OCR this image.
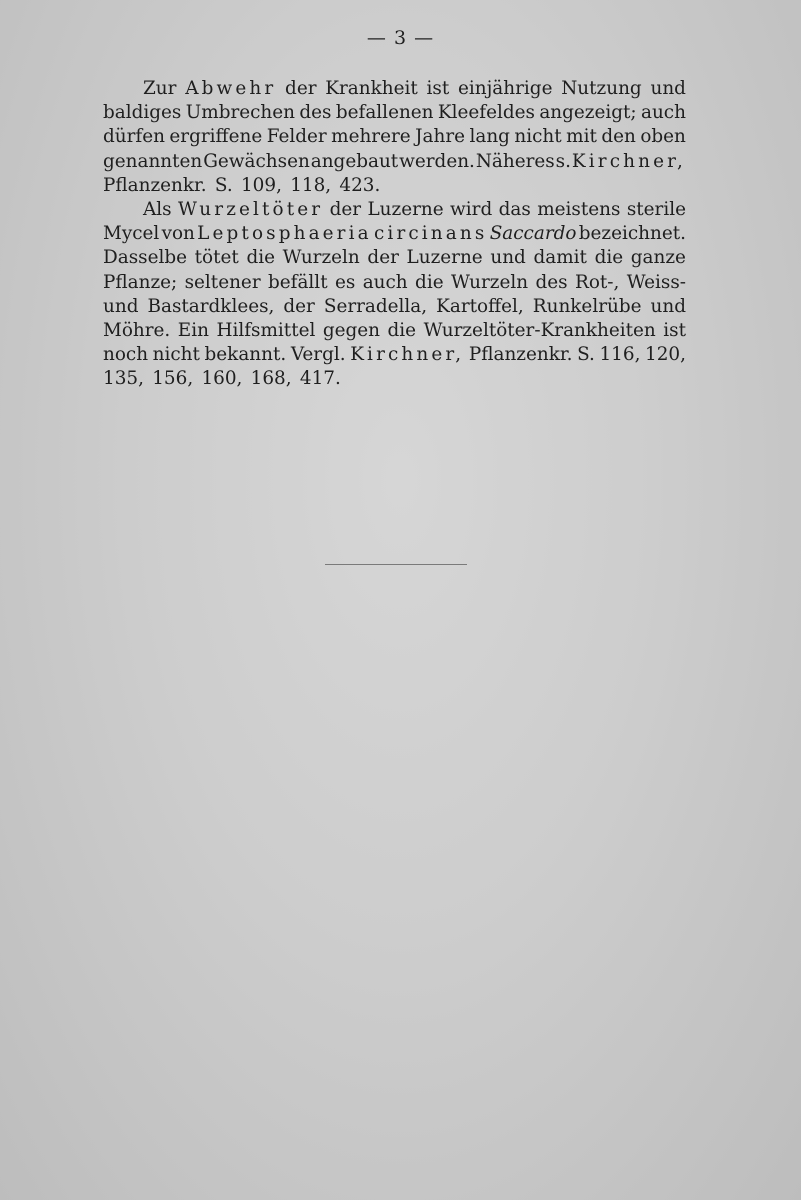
— 3 —
Zur Abwehr der Krankheit ist einjährige Nutzung und
baldiges Umbrechen des befallenen Kleefeldes angezeigt; auch
dürfen ergriffene Felder mehrere Jahre lang nicht mit den oben
genannten Gewächsen angebaut werden. Näheres s. Kirchner,
Pflanzenkr. S. 109, 118, 423.
Als Wurzeltöter der Luzerne wird das meistens sterile
Mycel von Leptosphaeria circinans Saccardo bezeichnet.
Dasselbe tötet die Wurzeln der Luzerne und damit die ganze
Pflanze; seltener befällt es auch die Wurzeln des Rot-, Weiss-
und Bastardklees, der Serradella, Kartoffel, Runkelrübe und
Möhre. Ein Hilfsmittel gegen die Wurzeltöter-Krankheiten ist
noch nicht bekannt. Vergl. Kirchner, Pflanzenkr. S. 116, 120,
135, 156, 160, 168, 417.
